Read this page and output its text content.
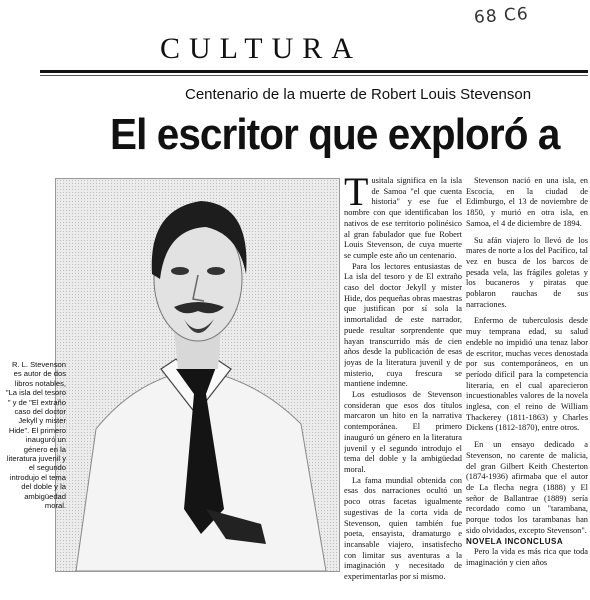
68 C6
CULTURA
Centenario de la muerte de Robert Louis Stevenson
El escritor que exploró a
R. L. Stevenson es autor de dos libros notables, "La isla del tesoro " y de "El extraño caso del doctor Jekyll y mister Hide". El primero inauguró un género en la literatura juvenil y el segundo introdujo el tema del doble y la ambigüedad moral.

Tusitala significa en la isla de Samoa "el que cuenta historia" y ese fue el nombre con que identificaban los nativos de ese territorio polinésico al gran fabulador que fue Robert Louis Stevenson, de cuya muerte se cumple este año un centenario.

Para los lectores entusiastas de La isla del tesoro y de El extraño caso del doctor Jekyll y mister Hide, dos pequeñas obras maestras que justifican por sí sola la inmortalidad de este narrador, puede resultar sorprendente que hayan transcurrido más de cien años desde la publicación de esas joyas de la literatura juvenil y de misterio, cuya frescura se mantiene indemne.

Los estudiosos de Stevenson consideran que esos dos títulos marcaron un hito en la narrativa contemporánea. El primero inauguró un género en la literatura juvenil y el segundo introdujo el tema del doble y la ambigüedad moral.

La fama mundial obtenida con esas dos narraciones ocultó un poco otras facetas igualmente sugestivas de la corta vida de Stevenson, quien también fue poeta, ensayista, dramaturgo e incansable viajero, insatisfecho con limitar sus aventuras a la imaginación y necesitado de experimentarlas por sí mismo.

Stevenson nació en una isla, en Escocia, en la ciudad de Edimburgo, el 13 de noviembre de 1850, y murió en otra isla, en Samoa, el 4 de diciembre de 1894.

Su afán viajero lo llevó de los mares de norte a los del Pacífico, tal vez en busca de los barcos de pesada vela, las frágiles goletas y los bucaneros y piratas que poblaron rauchas de sus narraciones.

Enfermo de tuberculosis desde muy temprana edad, su salud endeble no impidió una tenaz labor de escritor, muchas veces denostada por sus contemporáneos, en un período difícil para la competencia literaria, en el cual aparecieron incuestionables valores de la novela inglesa, con el reino de William Thackerey (1811-1863) y Charles Dickens (1812-1870), entre otros.

En un ensayo dedicado a Stevenson, no carente de malicia, del gran Gilbert Keith Chesterton (1874-1936) afirmaba que el autor de La flecha negra (1888) y El señor de Ballantrae (1889) sería recordado como un "tarambana, porque todos los tarambanas han sido olvidados, excepto Stevenson".

NOVELA INCONCLUSA

Pero la vida es más rica que toda imaginación y cien años
